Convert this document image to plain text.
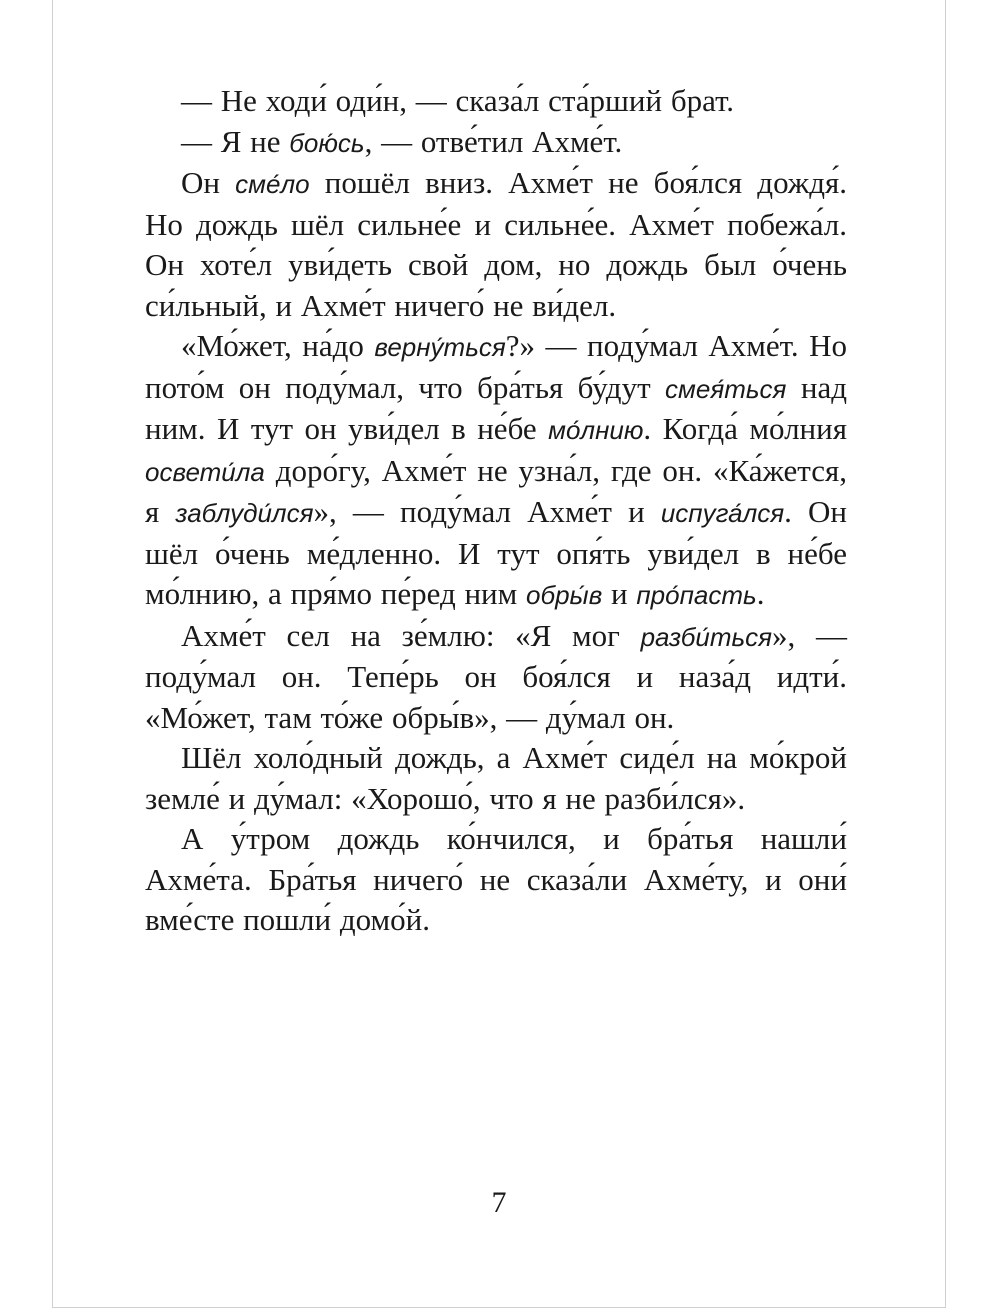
— Не ходи́ оди́н, — сказа́л ста́рший брат.

— Я не бою́сь, — отве́тил Ахме́т.

Он сме́ло пошёл вниз. Ахме́т не боя́лся дождя́. Но дождь шёл сильне́е и сильне́е. Ахме́т побежа́л. Он хоте́л уви́деть свой дом, но дождь был о́чень си́льный, и Ахме́т ничего́ не ви́дел.

«Мо́жет, на́до верну́ться?» — поду́мал Ахме́т. Но пото́м он поду́мал, что бра́тья бу́дут смея́ться над ним. И тут он уви́дел в не́бе мо́лнию. Когда́ мо́лния освети́ла доро́гу, Ахме́т не узна́л, где он. «Ка́жется, я заблуди́лся», — поду́мал Ахме́т и испуга́лся. Он шёл о́чень ме́дленно. И тут опя́ть уви́дел в не́бе мо́лнию, а пря́мо пе́ред ним обры́в и про́пасть.

Ахме́т сел на зе́млю: «Я мог разби́ться», — поду́мал он. Тепе́рь он боя́лся и наза́д идти́. «Мо́жет, там то́же обры́в», — ду́мал он.

Шёл холо́дный дождь, а Ахме́т сиде́л на мо́крой земле́ и ду́мал: «Хорошо́, что я не разби́лся».

А у́тром дождь ко́нчился, и бра́тья нашли́ Ахме́та. Бра́тья ничего́ не сказа́ли Ахме́ту, и они́ вме́сте пошли́ домо́й.

7
